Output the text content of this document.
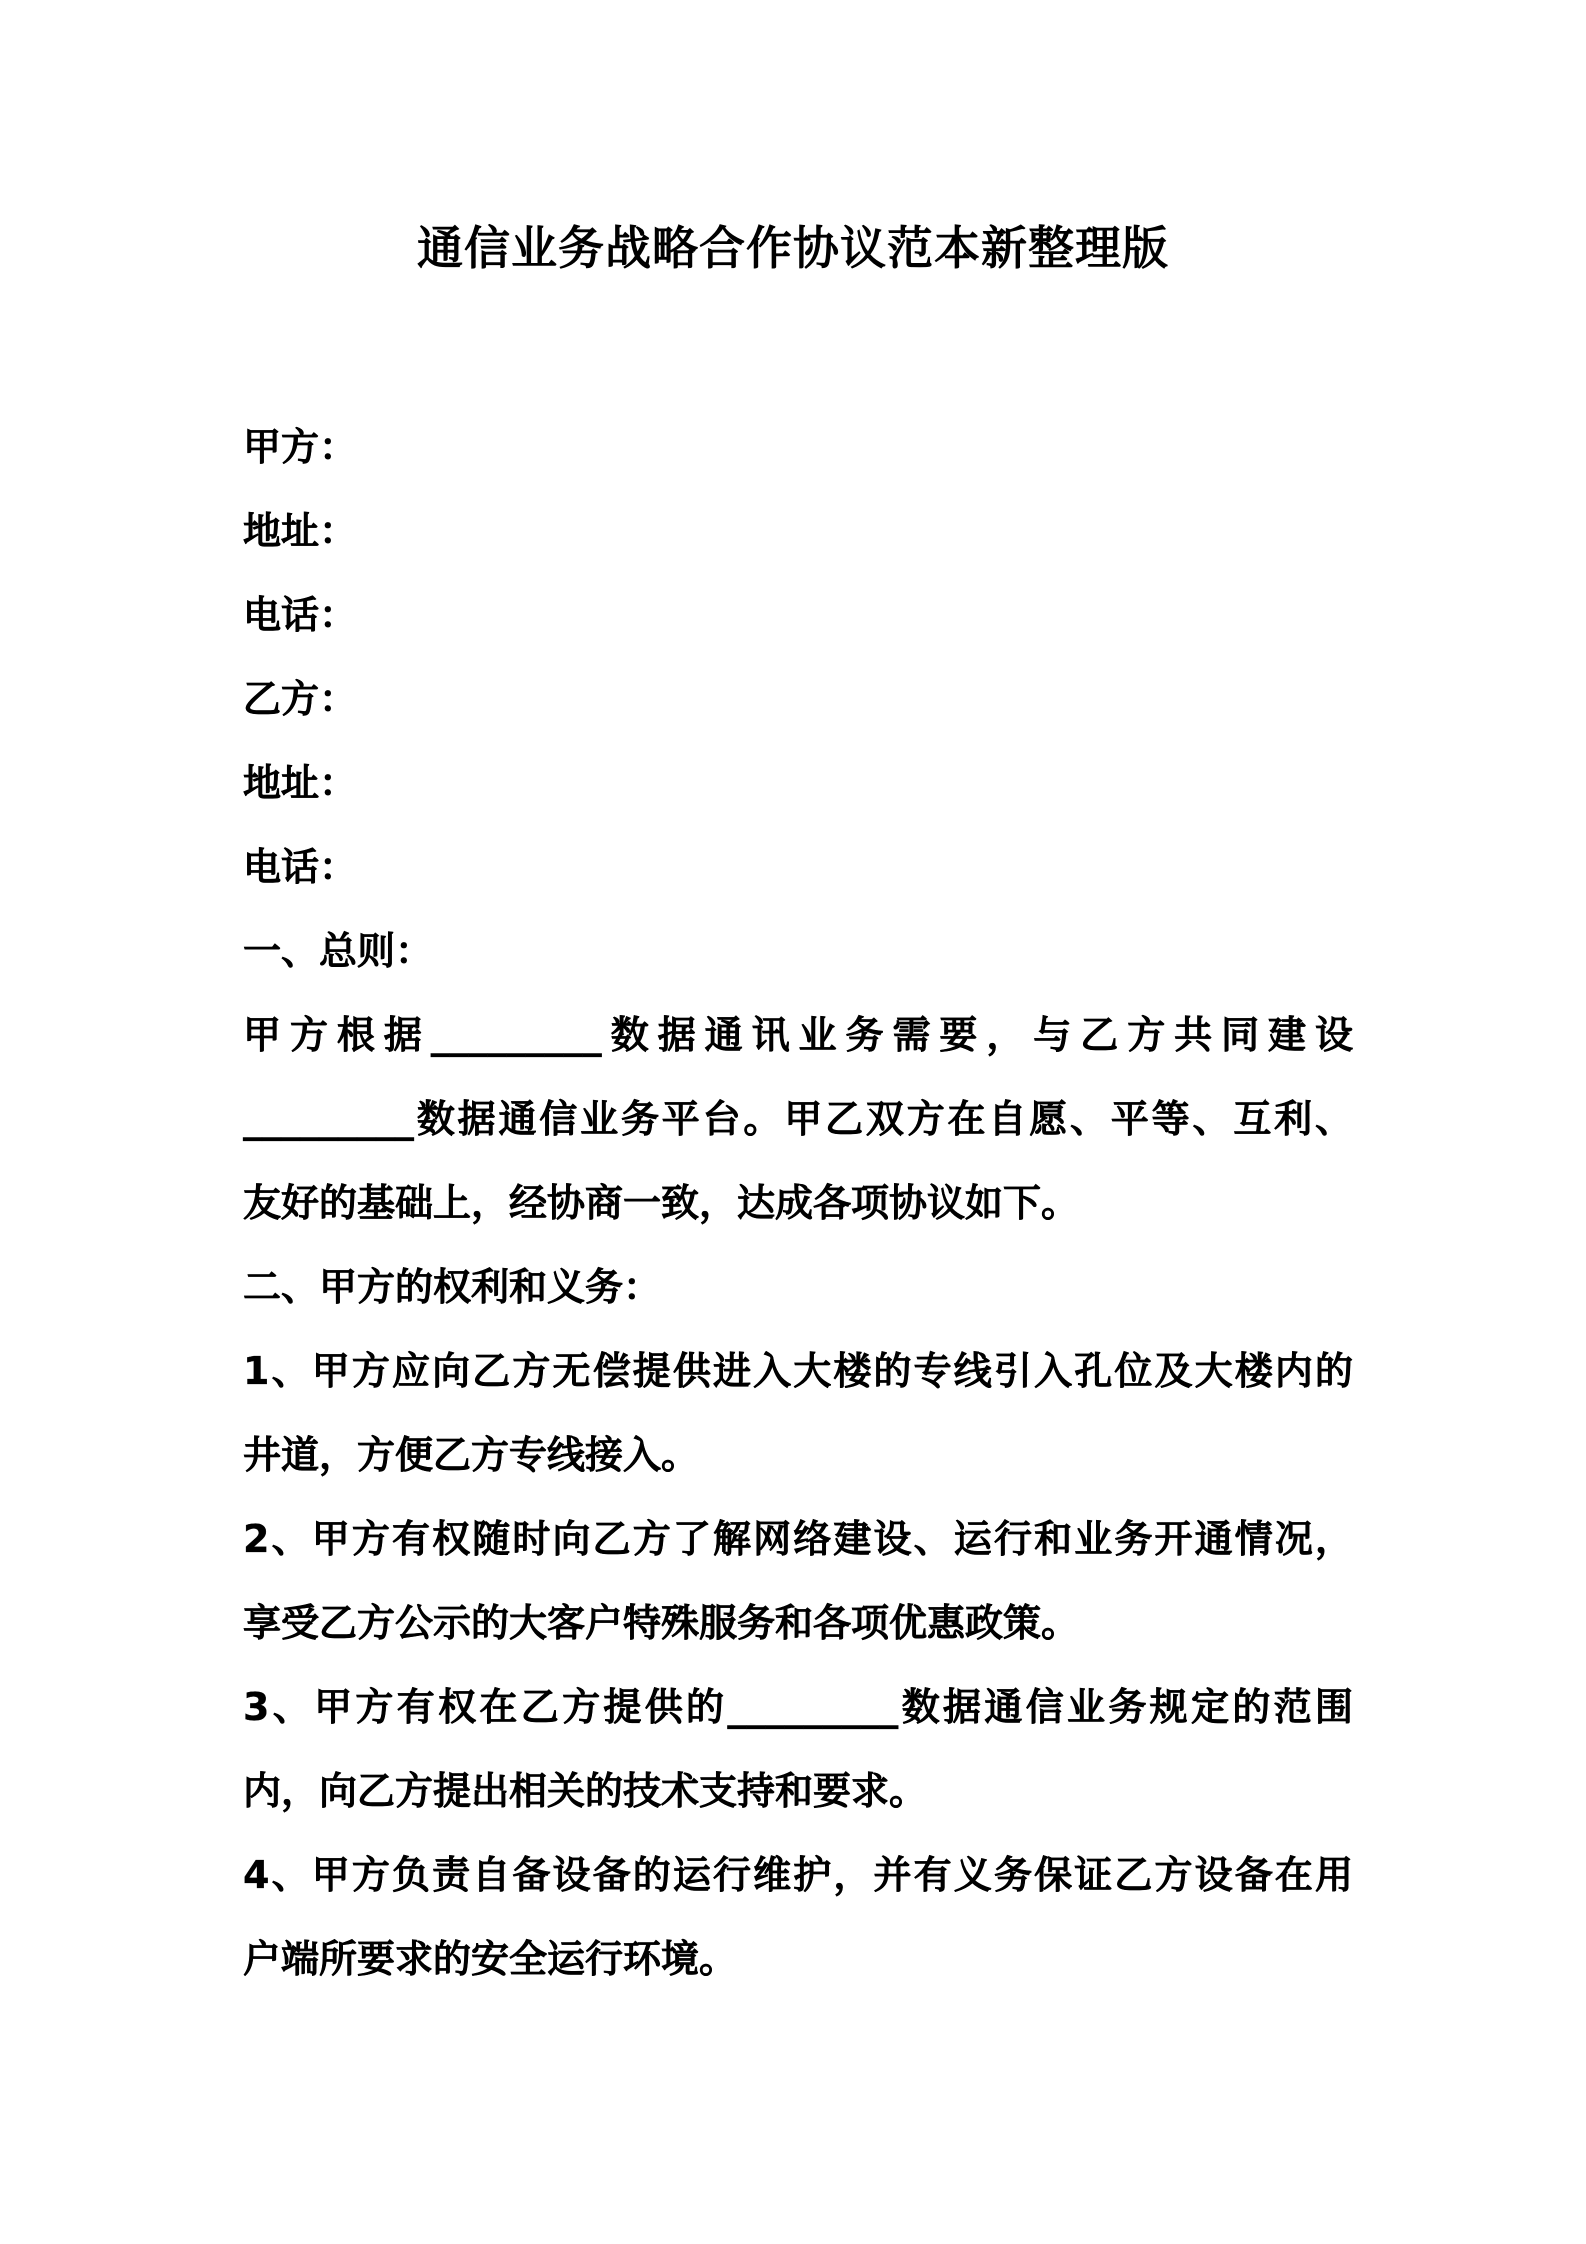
通信业务战略合作协议范本新整理版
甲方：
地址：
电话：
乙方：
地址：
电话：
一、总则：
甲方根据_________数据通讯业务需要，与乙方共同建设
_________数据通信业务平台。甲乙双方在自愿、平等、互利、
友好的基础上，经协商一致，达成各项协议如下。
二、甲方的权利和义务：
1、甲方应向乙方无偿提供进入大楼的专线引入孔位及大楼内的
井道，方便乙方专线接入。
2、甲方有权随时向乙方了解网络建设、运行和业务开通情况，
享受乙方公示的大客户特殊服务和各项优惠政策。
3、甲方有权在乙方提供的_________数据通信业务规定的范围
内，向乙方提出相关的技术支持和要求。
4、甲方负责自备设备的运行维护，并有义务保证乙方设备在用
户端所要求的安全运行环境。
